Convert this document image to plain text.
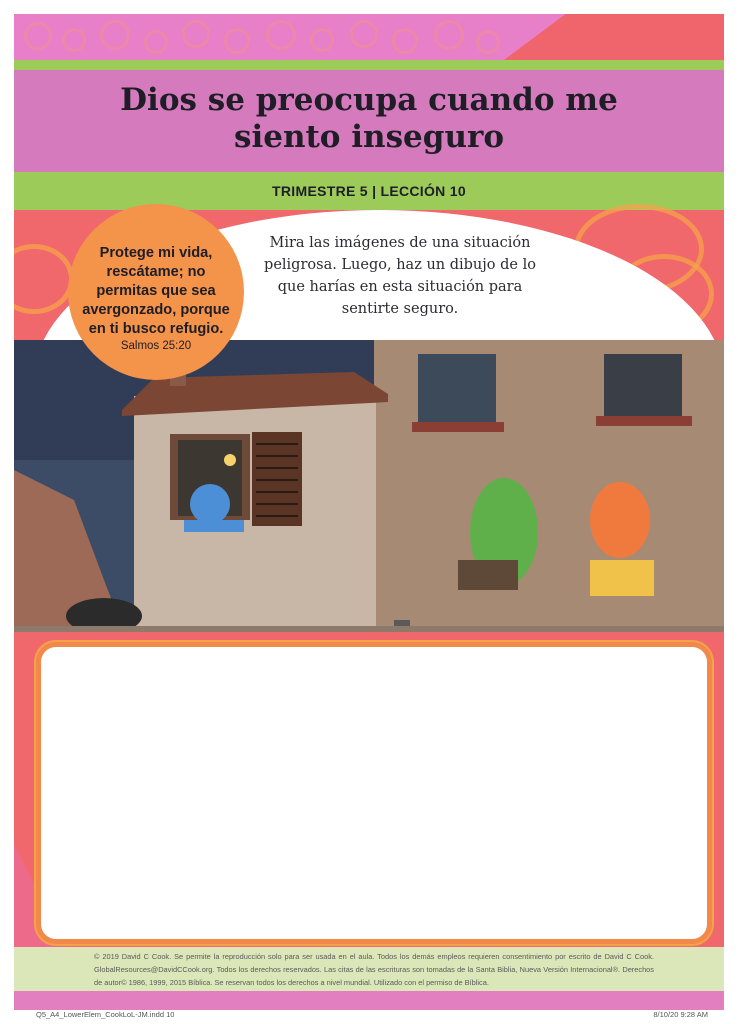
Dios se preocupa cuando me
siento inseguro
TRIMESTRE 5 | LECCIÓN 10
Mira las imágenes de una situación peligrosa. Luego, haz un dibujo de lo que harías en esta situación para sentirte seguro.
Protege mi vida, rescátame; no permitas que sea avergonzado, porque en ti busco refugio.
Salmos 25:20
© 2019 David C Cook. Se permite la reproducción solo para ser usada en el aula. Todos los demás empleos requieren consentimiento por escrito de David C Cook. GlobalResources@DavidCCook.org. Todos los derechos reservados. Las citas de las escrituras son tomadas de la Santa Biblia, Nueva Versión Internacional®. Derechos de autor© 1986, 1999, 2015 Bíblica. Se reservan todos los derechos a nivel mundial. Utilizado con el permiso de Bíblica.
Q5_A4_LowerElem_CookLoL-JM.indd 10	8/10/20 9:28 AM
